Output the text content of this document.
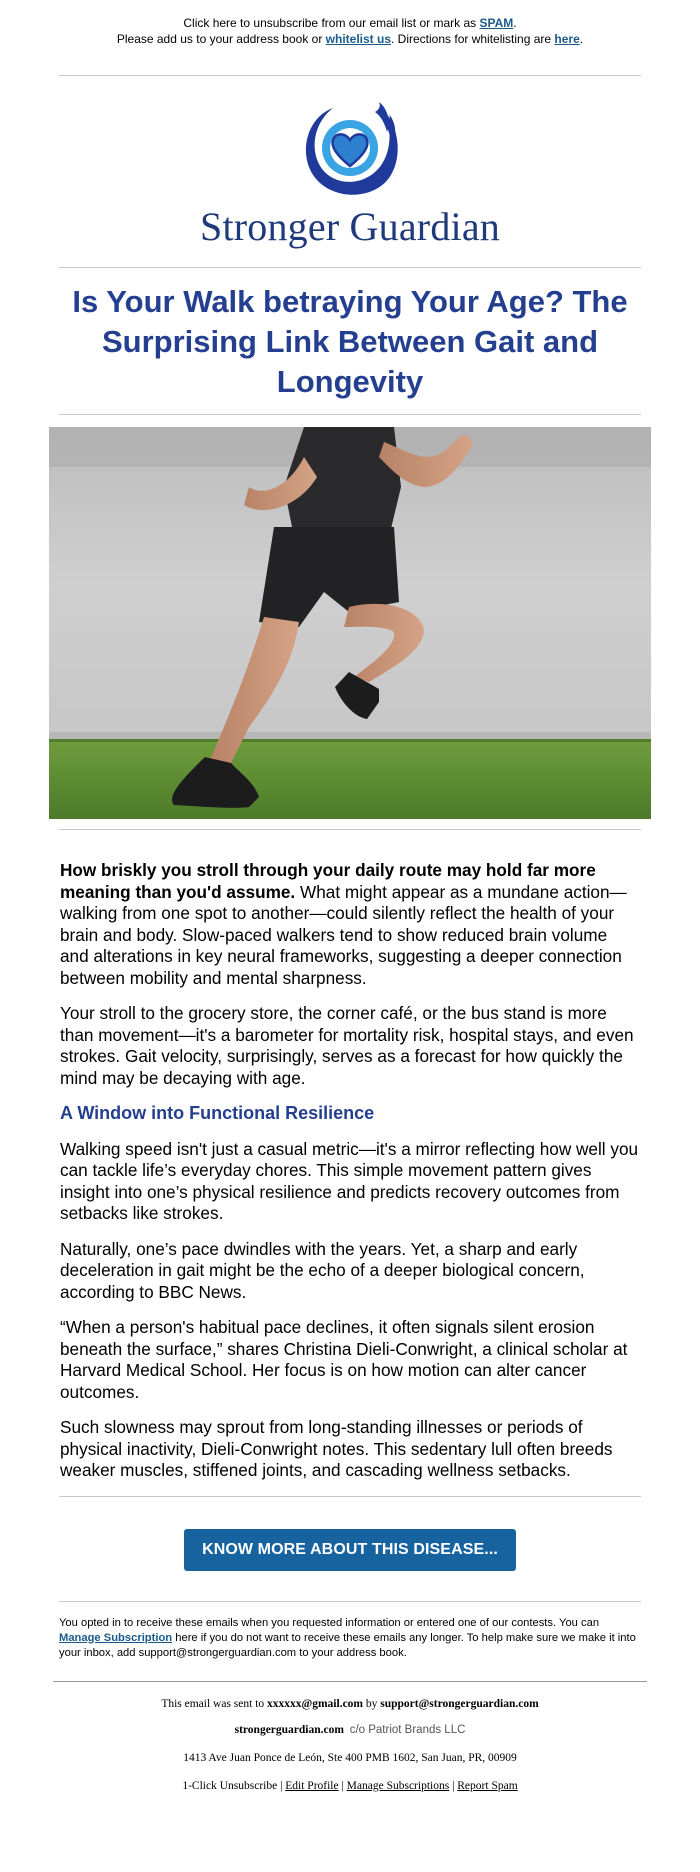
Click here to unsubscribe from our email list or mark as SPAM.
Please add us to your address book or whitelist us. Directions for whitelisting are here.
Stronger Guardian
Is Your Walk betraying Your Age? The Surprising Link Between Gait and Longevity

How briskly you stroll through your daily route may hold far more meaning than you'd assume. What might appear as a mundane action—walking from one spot to another—could silently reflect the health of your brain and body. Slow-paced walkers tend to show reduced brain volume and alterations in key neural frameworks, suggesting a deeper connection between mobility and mental sharpness.

Your stroll to the grocery store, the corner café, or the bus stand is more than movement—it's a barometer for mortality risk, hospital stays, and even strokes. Gait velocity, surprisingly, serves as a forecast for how quickly the mind may be decaying with age.

A Window into Functional Resilience

Walking speed isn't just a casual metric—it's a mirror reflecting how well you can tackle life’s everyday chores. This simple movement pattern gives insight into one’s physical resilience and predicts recovery outcomes from setbacks like strokes.

Naturally, one’s pace dwindles with the years. Yet, a sharp and early deceleration in gait might be the echo of a deeper biological concern, according to BBC News.

“When a person's habitual pace declines, it often signals silent erosion beneath the surface,” shares Christina Dieli-Conwright, a clinical scholar at Harvard Medical School. Her focus is on how motion can alter cancer outcomes.

Such slowness may sprout from long-standing illnesses or periods of physical inactivity, Dieli-Conwright notes. This sedentary lull often breeds weaker muscles, stiffened joints, and cascading wellness setbacks.

KNOW MORE ABOUT THIS DISEASE...
You opted in to receive these emails when you requested information or entered one of our contests. You can Manage Subscription here if you do not want to receive these emails any longer. To help make sure we make it into your inbox, add support@strongerguardian.com to your address book.

This email was sent to xxxxxx@gmail.com by support@strongerguardian.com

strongerguardian.com c/o Patriot Brands LLC

1413 Ave Juan Ponce de León, Ste 400 PMB 1602, San Juan, PR, 00909

1-Click Unsubscribe | Edit Profile | Manage Subscriptions | Report Spam
